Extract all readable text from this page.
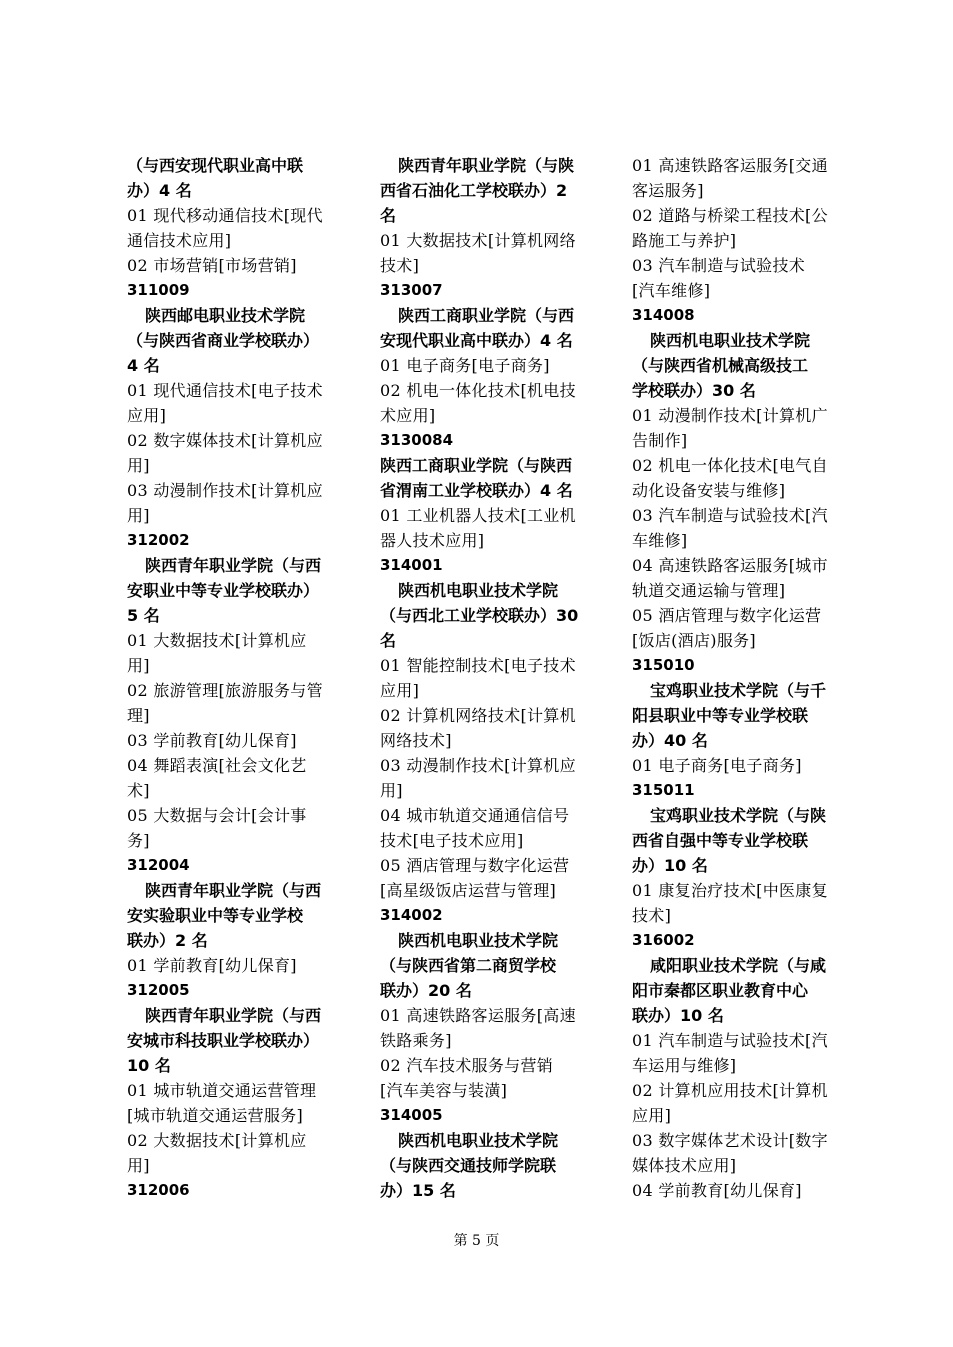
（与西安现代职业高中联
办）4 名
01 现代移动通信技术[现代
通信技术应用]
02 市场营销[市场营销]
311009
陕西邮电职业技术学院
（与陕西省商业学校联办）
4 名
01 现代通信技术[电子技术
应用]
02 数字媒体技术[计算机应
用]
03 动漫制作技术[计算机应
用]
312002
陕西青年职业学院（与西
安职业中等专业学校联办）
5 名
01 大数据技术[计算机应
用]
02 旅游管理[旅游服务与管
理]
03 学前教育[幼儿保育]
04 舞蹈表演[社会文化艺
术]
05 大数据与会计[会计事
务]
312004
陕西青年职业学院（与西
安实验职业中等专业学校
联办）2 名
01 学前教育[幼儿保育]
312005
陕西青年职业学院（与西
安城市科技职业学校联办）
10 名
01 城市轨道交通运营管理
[城市轨道交通运营服务]
02 大数据技术[计算机应
用]
312006
陕西青年职业学院（与陕
西省石油化工学校联办）2
名
01 大数据技术[计算机网络
技术]
313007
陕西工商职业学院（与西
安现代职业高中联办）4 名
01 电子商务[电子商务]
02 机电一体化技术[机电技
术应用]
3130084
陕西工商职业学院（与陕西
省渭南工业学校联办）4 名
01 工业机器人技术[工业机
器人技术应用]
314001
陕西机电职业技术学院
（与西北工业学校联办）30
名
01 智能控制技术[电子技术
应用]
02 计算机网络技术[计算机
网络技术]
03 动漫制作技术[计算机应
用]
04 城市轨道交通通信信号
技术[电子技术应用]
05 酒店管理与数字化运营
[高星级饭店运营与管理]
314002
陕西机电职业技术学院
（与陕西省第二商贸学校
联办）20 名
01 高速铁路客运服务[高速
铁路乘务]
02 汽车技术服务与营销
[汽车美容与装潢]
314005
陕西机电职业技术学院
（与陕西交通技师学院联
办）15 名
01 高速铁路客运服务[交通
客运服务]
02 道路与桥梁工程技术[公
路施工与养护]
03 汽车制造与试验技术
[汽车维修]
314008
陕西机电职业技术学院
（与陕西省机械高级技工
学校联办）30 名
01 动漫制作技术[计算机广
告制作]
02 机电一体化技术[电气自
动化设备安装与维修]
03 汽车制造与试验技术[汽
车维修]
04 高速铁路客运服务[城市
轨道交通运输与管理]
05 酒店管理与数字化运营
[饭店(酒店)服务]
315010
宝鸡职业技术学院（与千
阳县职业中等专业学校联
办）40 名
01 电子商务[电子商务]
315011
宝鸡职业技术学院（与陕
西省自强中等专业学校联
办）10 名
01 康复治疗技术[中医康复
技术]
316002
咸阳职业技术学院（与咸
阳市秦都区职业教育中心
联办）10 名
01 汽车制造与试验技术[汽
车运用与维修]
02 计算机应用技术[计算机
应用]
03 数字媒体艺术设计[数字
媒体技术应用]
04 学前教育[幼儿保育]
第 5 页
